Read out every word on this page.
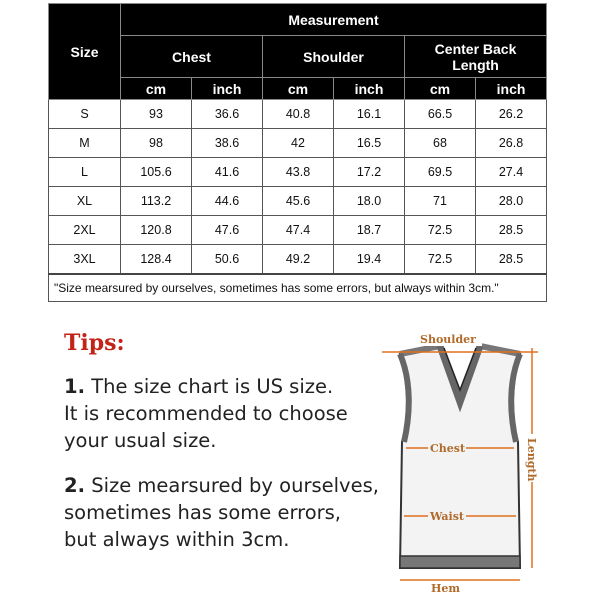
Size	Measurement					
	Chest		Shoulder		Center Back
Length	
	cm	inch	cm	inch	cm	inch
S	93	36.6	40.8	16.1	66.5	26.2
M	98	38.6	42	16.5	68	26.8
L	105.6	41.6	43.8	17.2	69.5	27.4
XL	113.2	44.6	45.6	18.0	71	28.0
2XL	120.8	47.6	47.4	18.7	72.5	28.5
3XL	128.4	50.6	49.2	19.4	72.5	28.5
"Size mearsured by ourselves, sometimes has some errors, but always within 3cm."						
Tips:

1. The size chart is US size.
It is recommended to choose
your usual size.

2. Size mearsured by ourselves,
sometimes has some errors,
but always within 3cm.

Shoulder
Chest
Waist
Hem
Length
